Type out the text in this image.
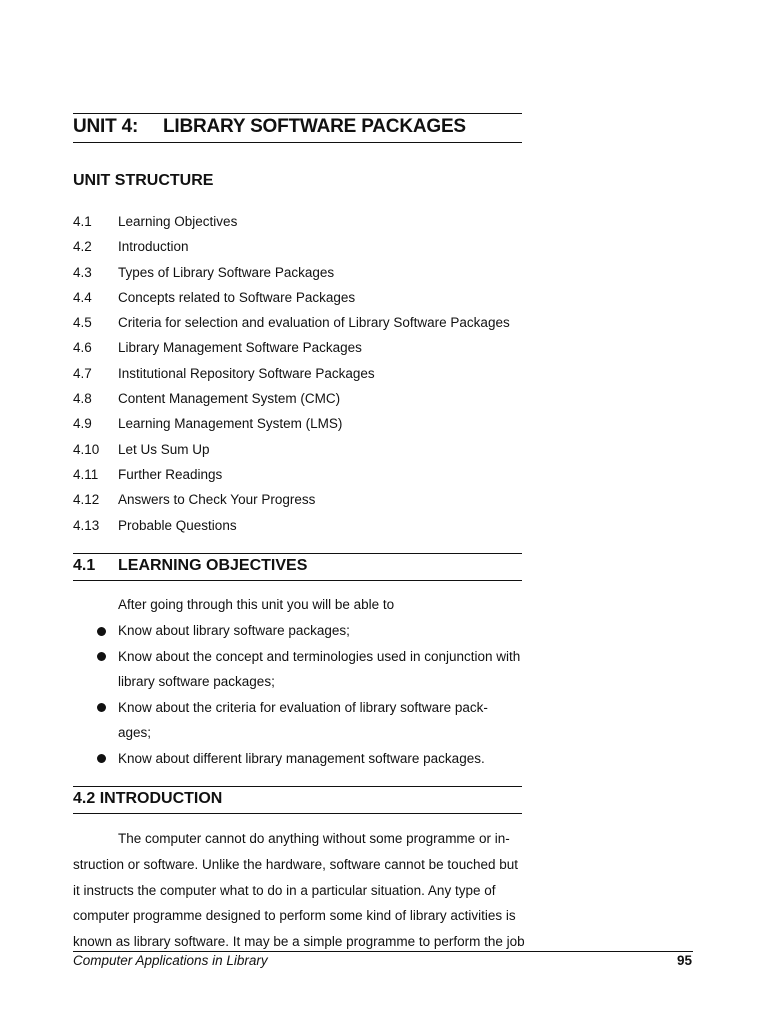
UNIT 4: LIBRARY SOFTWARE PACKAGES
UNIT STRUCTURE
4.1 Learning Objectives
4.2 Introduction
4.3 Types of Library Software Packages
4.4 Concepts related to Software Packages
4.5 Criteria for selection and evaluation of Library Software Packages
4.6 Library Management Software Packages
4.7 Institutional Repository Software Packages
4.8 Content Management System (CMC)
4.9 Learning Management System (LMS)
4.10 Let Us Sum Up
4.11 Further Readings
4.12 Answers to Check Your Progress
4.13 Probable Questions
4.1 LEARNING OBJECTIVES
After going through this unit you will be able to
Know about library software packages;
Know about the concept and terminologies used in conjunction with library software packages;
Know about the criteria for evaluation of library software pack-ages;
Know about different library management software packages.
4.2 INTRODUCTION
The computer cannot do anything without some programme or in-
struction or software. Unlike the hardware, software cannot be touched but
it instructs the computer what to do in a particular situation. Any type of
computer programme designed to perform some kind of library activities is
known as library software. It may be a simple programme to perform the job
Computer Applications in Library	95
